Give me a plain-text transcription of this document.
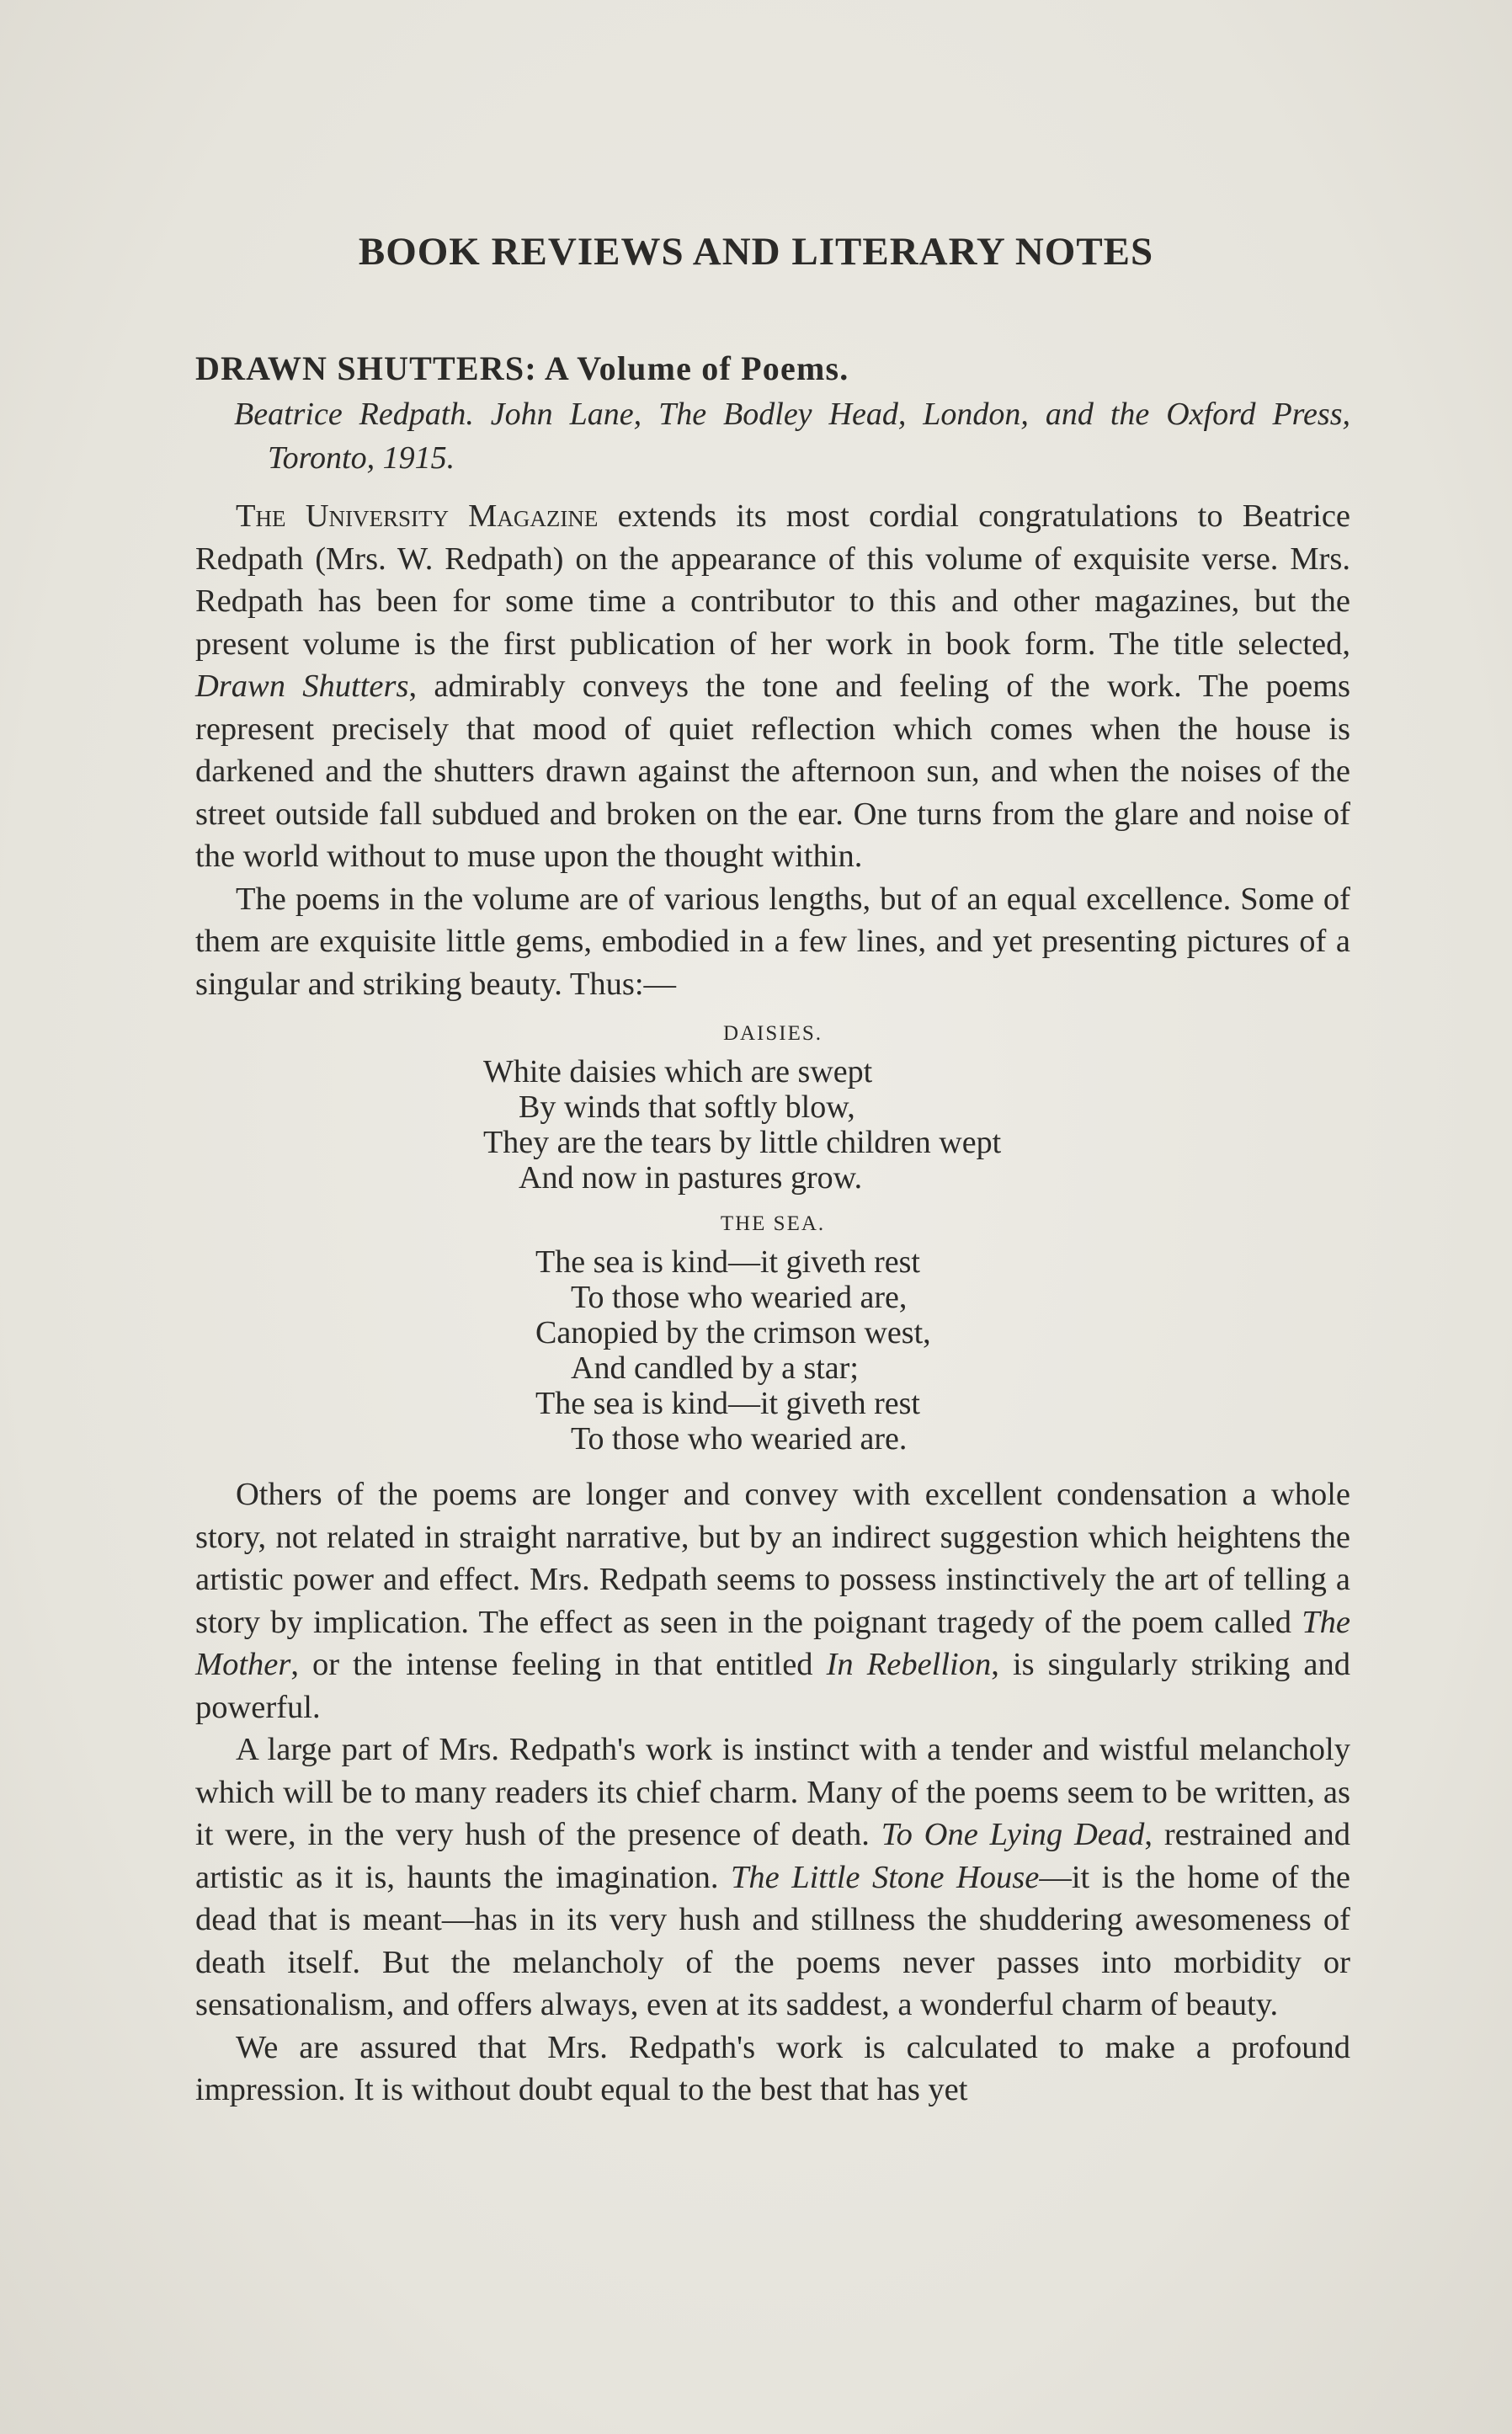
BOOK REVIEWS AND LITERARY NOTES
DRAWN SHUTTERS: A Volume of Poems.

Beatrice Redpath. John Lane, The Bodley Head, London, and the Oxford Press, Toronto, 1915.

The University Magazine extends its most cordial congratulations to Beatrice Redpath (Mrs. W. Redpath) on the appearance of this volume of exquisite verse. Mrs. Redpath has been for some time a contributor to this and other magazines, but the present volume is the first publication of her work in book form. The title selected, Drawn Shutters, admirably conveys the tone and feeling of the work. The poems represent precisely that mood of quiet reflection which comes when the house is darkened and the shutters drawn against the afternoon sun, and when the noises of the street outside fall subdued and broken on the ear. One turns from the glare and noise of the world without to muse upon the thought within.

The poems in the volume are of various lengths, but of an equal excellence. Some of them are exquisite little gems, embodied in a few lines, and yet presenting pictures of a singular and striking beauty. Thus:—

DAISIES.
White daisies which are swept
By winds that softly blow,
They are the tears by little children wept
And now in pastures grow.
THE SEA.
The sea is kind—it giveth rest
To those who wearied are,
Canopied by the crimson west,
And candled by a star;
The sea is kind—it giveth rest
To those who wearied are.

Others of the poems are longer and convey with excellent condensation a whole story, not related in straight narrative, but by an indirect suggestion which heightens the artistic power and effect. Mrs. Redpath seems to possess instinctively the art of telling a story by implication. The effect as seen in the poignant tragedy of the poem called The Mother, or the intense feeling in that entitled In Rebellion, is singularly striking and powerful.

A large part of Mrs. Redpath's work is instinct with a tender and wistful melancholy which will be to many readers its chief charm. Many of the poems seem to be written, as it were, in the very hush of the presence of death. To One Lying Dead, restrained and artistic as it is, haunts the imagination. The Little Stone House—it is the home of the dead that is meant—has in its very hush and stillness the shuddering awesomeness of death itself. But the melancholy of the poems never passes into morbidity or sensationalism, and offers always, even at its saddest, a wonderful charm of beauty.

We are assured that Mrs. Redpath's work is calculated to make a profound impression. It is without doubt equal to the best that has yet
